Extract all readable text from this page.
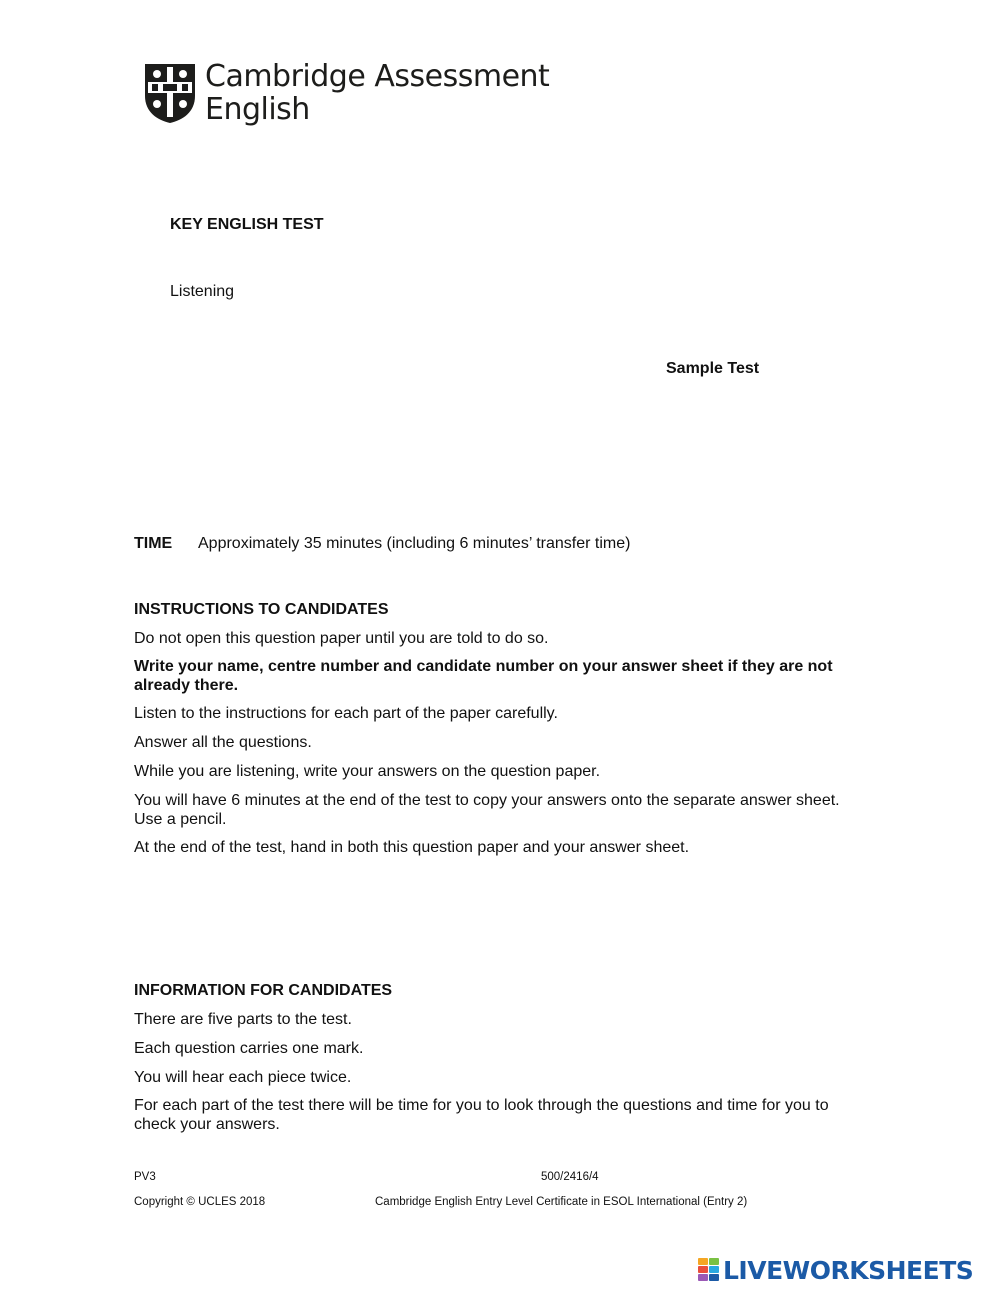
Cambridge Assessment
English
KEY ENGLISH TEST
Listening
Sample Test
TIME Approximately 35 minutes (including 6 minutes’ transfer time)
INSTRUCTIONS TO CANDIDATES

Do not open this question paper until you are told to do so.

Write your name, centre number and candidate number on your answer sheet if they are not already there.

Listen to the instructions for each part of the paper carefully.

Answer all the questions.

While you are listening, write your answers on the question paper.

You will have 6 minutes at the end of the test to copy your answers onto the separate answer sheet. Use a pencil.

At the end of the test, hand in both this question paper and your answer sheet.

INFORMATION FOR CANDIDATES

There are five parts to the test.

Each question carries one mark.

You will hear each piece twice.

For each part of the test there will be time for you to look through the questions and time for you to check your answers.

PV3	500/2416/4
Copyright © UCLES 2018	Cambridge English Entry Level Certificate in ESOL International (Entry 2)
LIVEWORKSHEETS
